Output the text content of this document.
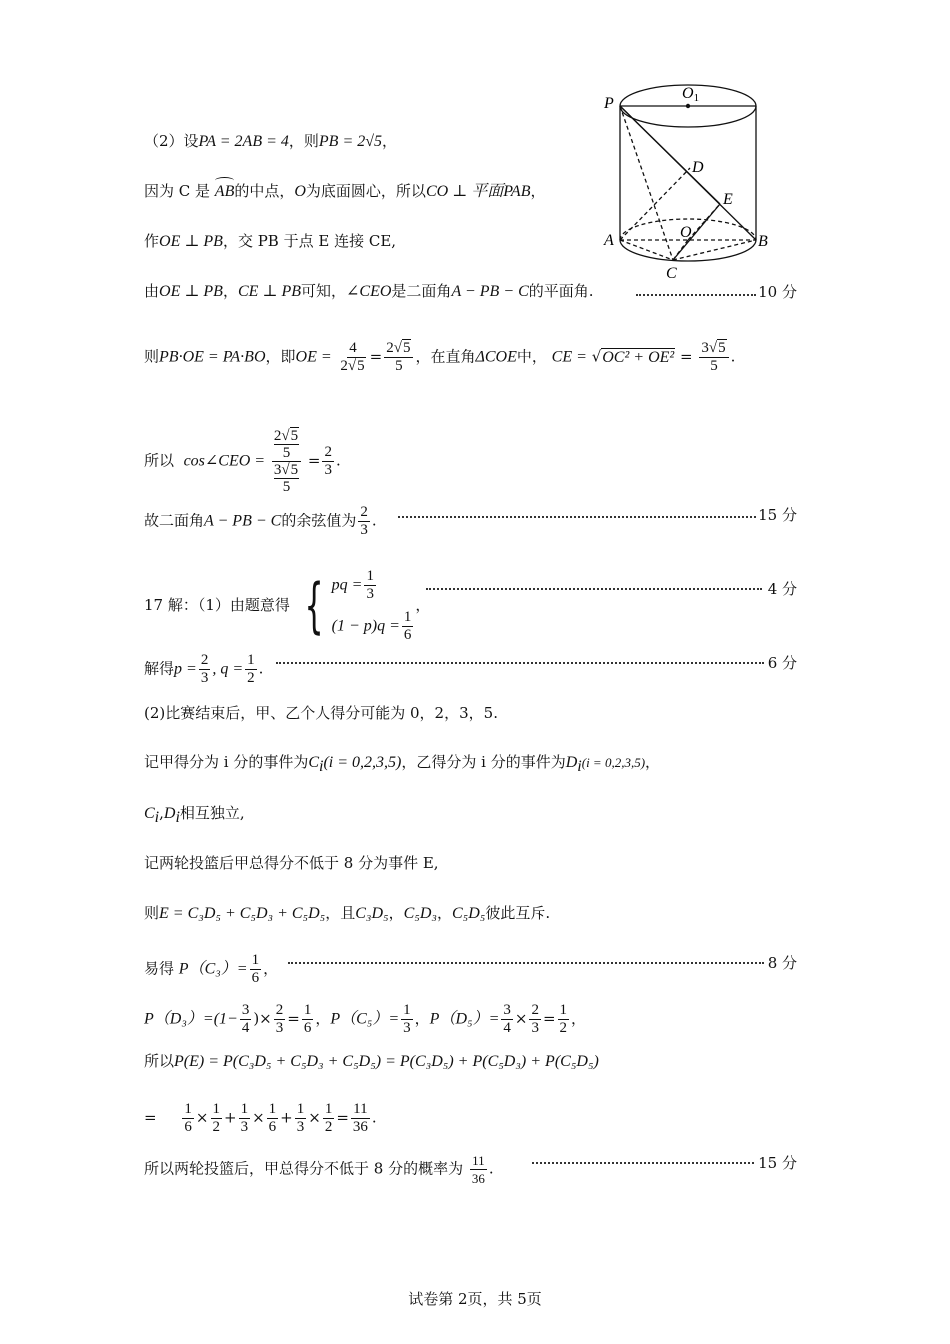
P
O1
D
E
O
A	B
C
（2）设PA = 2AB = 4，则PB = 2√5，
因为 C 是 AB的中点，O为底面圆心，所以CO ⊥ 平面PAB，
作OE ⊥ PB，交 PB 于点 E 连接 CE,
由OE ⊥ PB，CE ⊥ PB可知，∠CEO是二面角A − PB − C的平面角.	10 分
则PB·OE = PA·BO，即OE = $\frac{4}{2√5} = \frac{2√5}{5}$ ，在直角ΔCOE中， CE = $√OC^2 + OE^2 = \frac{3√5}{5}$ .
所以 cos∠CEO = 2√5
5
3√5
$5 = \frac{2}{3}$ .
故二面角A − PB − C的余弦值为 $\frac{2}{3}$ .	15 分
17 解：（1）由题意得 { pq = $\frac{1}{3}$
$(1 - p)q = \frac{1}{6}$
，
4 分
解得$p = \frac{2}{3}$ , $q = \frac{1}{2}$ .	6 分
(2)比赛结束后，甲、乙个人得分可能为 0，2，3，5.
记甲得分为 i 分的事件为$C_i(i = 0,2,3,5)$，乙得分为 i 分的事件为$D_i(i = 0,2,3,5)$，
$C_i,D_i$相互独立,
记两轮投篮后甲总得分不低于 8 分为事件 E,
则E = C₃D₅ + C₅D₃ + C₅D₅，且C₃D₅，C₅D₃，C₅D₅彼此互斥.
易得 $P(C_3)= \frac{1}{6}$ ，	8 分
$P(D_3)=(1- \frac{3}{4}$ )× $\frac{2}{3} = \frac{1}{6}$ ，$P(C_5)= \frac{1}{3}$ ，$P(D_5)= \frac{3}{4} \times \frac{2}{3} = \frac{1}{2}$ ，
所以P(E) = P(C₃D₅ + C₅D₃ + C₅D₅) = P(C₃D₅) + P(C₅D₃) + P(C₅D₅)
= $\frac{1}{6} \times \frac{1}{2} + \frac{1}{3} \times \frac{1}{6} + \frac{1}{3} \times \frac{1}{2} = \frac{11}{36}$ .
所以两轮投篮后，甲总得分不低于 8 分的概率为 $\frac{11}{36}$ .	15 分
试卷第 2页，共 5页
